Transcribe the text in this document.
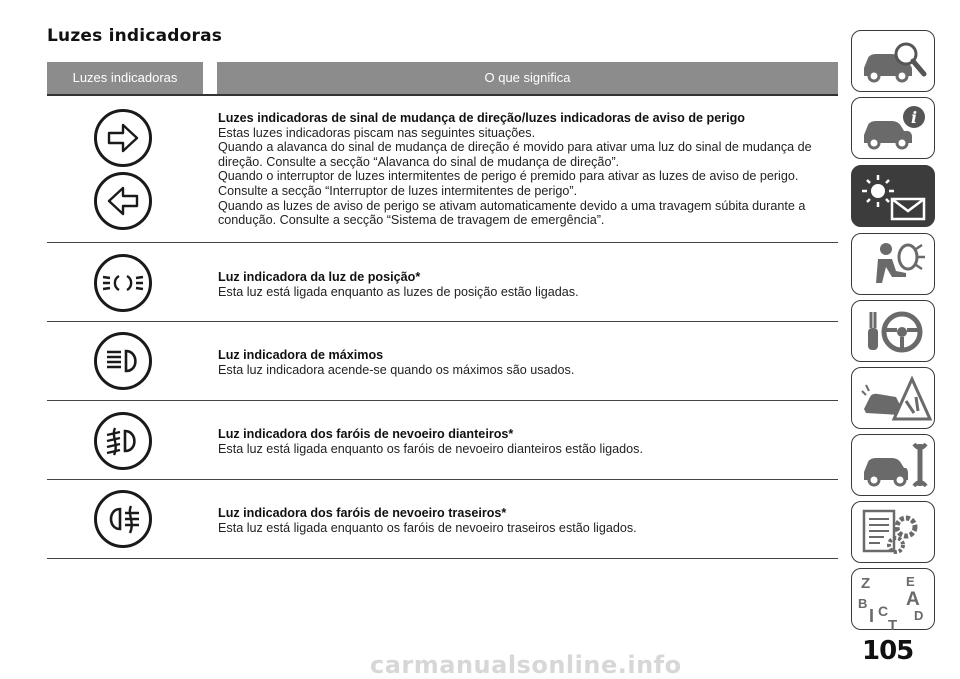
Luzes indicadoras
Luzes indicadoras	O que significa
Luzes indicadoras de sinal de mudança de direção/luzes indicadoras de aviso de perigo
Estas luzes indicadoras piscam nas seguintes situações.
Quando a alavanca do sinal de mudança de direção é movido para ativar uma luz do sinal de mudança de direção. Consulte a secção “Alavanca do sinal de mudança de direção”.
Quando o interruptor de luzes intermitentes de perigo é premido para ativar as luzes de aviso de perigo. Consulte a secção “Interruptor de luzes intermitentes de perigo”.
Quando as luzes de aviso de perigo se ativam automaticamente devido a uma travagem súbita durante a condução. Consulte a secção “Sistema de travagem de emergência”.
Luz indicadora da luz de posição*
Esta luz está ligada enquanto as luzes de posição estão ligadas.
Luz indicadora de máximos
Esta luz indicadora acende-se quando os máximos são usados.
Luz indicadora dos faróis de nevoeiro dianteiros*
Esta luz está ligada enquanto os faróis de nevoeiro dianteiros estão ligados.
Luz indicadora dos faróis de nevoeiro traseiros*
Esta luz está ligada enquanto os faróis de nevoeiro traseiros estão ligados.
i
Z	E
B A
I C D
T
105
carmanualsonline.info
